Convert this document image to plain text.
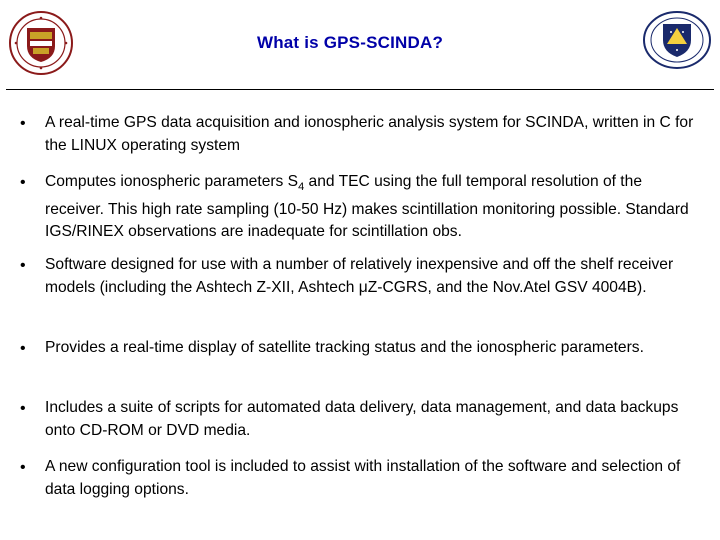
What is GPS-SCINDA?
• A real-time GPS data acquisition and ionospheric analysis system for SCINDA, written in C for the LINUX operating system
• Computes ionospheric parameters $S_4$ and TEC using the full temporal resolution of the receiver. This high rate sampling (10-50 Hz) makes scintillation monitoring possible. Standard IGS/RINEX observations are inadequate for scintillation obs.
• Software designed for use with a number of relatively inexpensive and off the shelf receiver models (including the Ashtech Z-XII, Ashtech μZ-CGRS, and the Nov.Atel GSV 4004B).
• Provides a real-time display of satellite tracking status and the ionospheric parameters.
• Includes a suite of scripts for automated data delivery, data management, and data backups onto CD-ROM or DVD media.
• A new configuration tool is included to assist with installation of the software and selection of data logging options.
